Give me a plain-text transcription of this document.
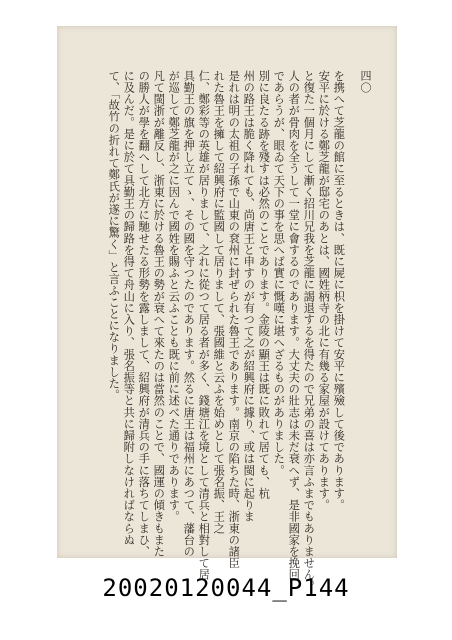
四〇
を携へて芝龍の館に至るときは、既に屍に枳を掛けて安平に殯殮して後であります。
安平に於ける鄭芝龍が邸宅のあとは、國姓柄寺の北に有幾る家屋が設けてあります。
と復た一個月にして漸く招川兄我を芝龍に謁退するを得たので兄弟の喜は亦言ふまでもありません。
人の者が骨肉を全うして一堂に會するのであります。大丈夫の壯志は未だ衰へず、是非國家を挽回
であらうが、眼ゐて天下の事を思へば實に慨嘆に堪へざるものがありました。
別に良たる跡を殘すは必然のことであります。金陵の顯王は既に敗れて居ても、杭
州の路王は脆く降れても、尚唐王と申すのが有つて之が紹興府に據り、或は閩に起りま
是れは明の太祖の子孫で山東の袞州に封ぜられた魯王であります。南京の陷ちた時、浙東の諸臣
れた魯王を擁して紹興府に監國して居りまして、張國維と云ふを始めとして張名振、王之
仁、鄭彩等の英雄が居りまして、之れに從つて居る者が多く、錢塘江を境として清兵と相對して居
具勤王の旗を押し立てゝ、その國を守つたのであります。然るに唐王は福州にあつて、藩台の
が巡して鄭芝龍が之に因んで國姓を賜ふと云ふことも既に前に述べた通りであります。
凡て閩浙が離反し、浙東に於ける魯王の勢が衰へて來たのは當然のことで、國運の傾きもまた
の勝人が學を翻へして北方に馳せたる形勢を露しまして、紹興府が清兵の手に落ちてしまひ、
に及んだ。是に於て具勤王の歸路を得て舟山に入り、張名振等と共に歸附しなければならぬ
て、「故竹の折れて鄭氏が遂に驚く」と言ふことになりました。
20020120044_P144
